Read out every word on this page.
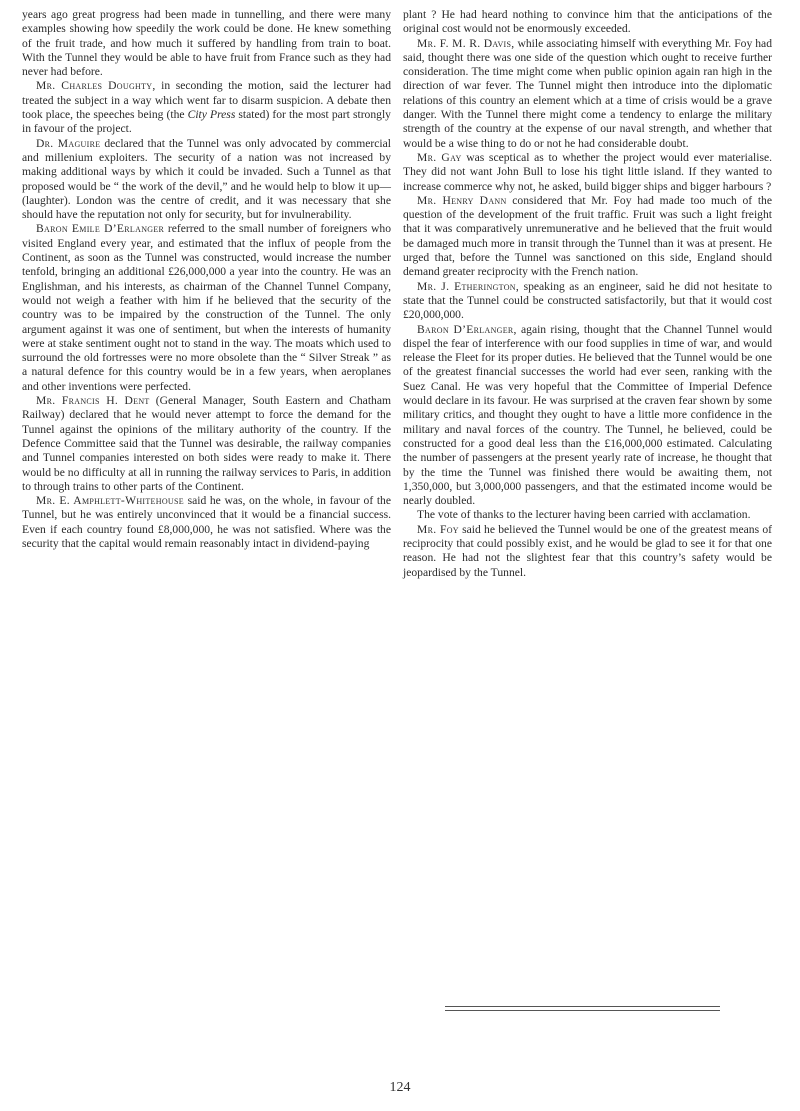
years ago great progress had been made in tunnelling, and there were many examples showing how speedily the work could be done. He knew something of the fruit trade, and how much it suffered by handling from train to boat. With the Tunnel they would be able to have fruit from France such as they had never had before.

Mr. Charles Doughty, in seconding the motion, said the lecturer had treated the subject in a way which went far to disarm suspicion. A debate then took place, the speeches being (the City Press stated) for the most part strongly in favour of the project.

Dr. Maguire declared that the Tunnel was only advocated by commercial and millenium exploiters. The security of a nation was not increased by making additional ways by which it could be invaded. Such a Tunnel as that proposed would be “ the work of the devil,” and he would help to blow it up—(laughter). London was the centre of credit, and it was necessary that she should have the reputation not only for security, but for invulnerability.

Baron Emile D’Erlanger referred to the small number of foreigners who visited England every year, and estimated that the influx of people from the Continent, as soon as the Tunnel was constructed, would increase the number tenfold, bringing an additional £26,000,000 a year into the country. He was an Englishman, and his interests, as chairman of the Channel Tunnel Company, would not weigh a feather with him if he believed that the security of the country was to be impaired by the construction of the Tunnel. The only argument against it was one of sentiment, but when the interests of humanity were at stake sentiment ought not to stand in the way. The moats which used to surround the old fortresses were no more obsolete than the “ Silver Streak ” as a natural defence for this country would be in a few years, when aeroplanes and other inventions were perfected.

Mr. Francis H. Dent (General Manager, South Eastern and Chatham Railway) declared that he would never attempt to force the demand for the Tunnel against the opinions of the military authority of the country. If the Defence Committee said that the Tunnel was desirable, the railway companies and Tunnel companies interested on both sides were ready to make it. There would be no difficulty at all in running the railway services to Paris, in addition to through trains to other parts of the Continent.

Mr. E. Amphlett-Whitehouse said he was, on the whole, in favour of the Tunnel, but he was entirely unconvinced that it would be a financial success. Even if each country found £8,000,000, he was not satisfied. Where was the security that the capital would remain reasonably intact in dividend-paying

plant ? He had heard nothing to convince him that the anticipations of the original cost would not be enormously exceeded.

Mr. F. M. R. Davis, while associating himself with everything Mr. Foy had said, thought there was one side of the question which ought to receive further consideration. The time might come when public opinion again ran high in the direction of war fever. The Tunnel might then introduce into the diplomatic relations of this country an element which at a time of crisis would be a grave danger. With the Tunnel there might come a tendency to enlarge the military strength of the country at the expense of our naval strength, and whether that would be a wise thing to do or not he had considerable doubt.

Mr. Gay was sceptical as to whether the project would ever materialise. They did not want John Bull to lose his tight little island. If they wanted to increase commerce why not, he asked, build bigger ships and bigger harbours ?

Mr. Henry Dann considered that Mr. Foy had made too much of the question of the development of the fruit traffic. Fruit was such a light freight that it was comparatively unremunerative and he believed that the fruit would be damaged much more in transit through the Tunnel than it was at present. He urged that, before the Tunnel was sanctioned on this side, England should demand greater reciprocity with the French nation.

Mr. J. Etherington, speaking as an engineer, said he did not hesitate to state that the Tunnel could be constructed satisfactorily, but that it would cost £20,000,000.

Baron D’Erlanger, again rising, thought that the Channel Tunnel would dispel the fear of interference with our food supplies in time of war, and would release the Fleet for its proper duties. He believed that the Tunnel would be one of the greatest financial successes the world had ever seen, ranking with the Suez Canal. He was very hopeful that the Committee of Imperial Defence would declare in its favour. He was surprised at the craven fear shown by some military critics, and thought they ought to have a little more confidence in the military and naval forces of the country. The Tunnel, he believed, could be constructed for a good deal less than the £16,000,000 estimated. Calculating the number of passengers at the present yearly rate of increase, he thought that by the time the Tunnel was finished there would be awaiting them, not 1,350,000, but 3,000,000 passengers, and that the estimated income would be nearly doubled.

The vote of thanks to the lecturer having been carried with acclamation.

Mr. Foy said he believed the Tunnel would be one of the greatest means of reciprocity that could possibly exist, and he would be glad to see it for that one reason. He had not the slightest fear that this country’s safety would be jeopardised by the Tunnel.

124
